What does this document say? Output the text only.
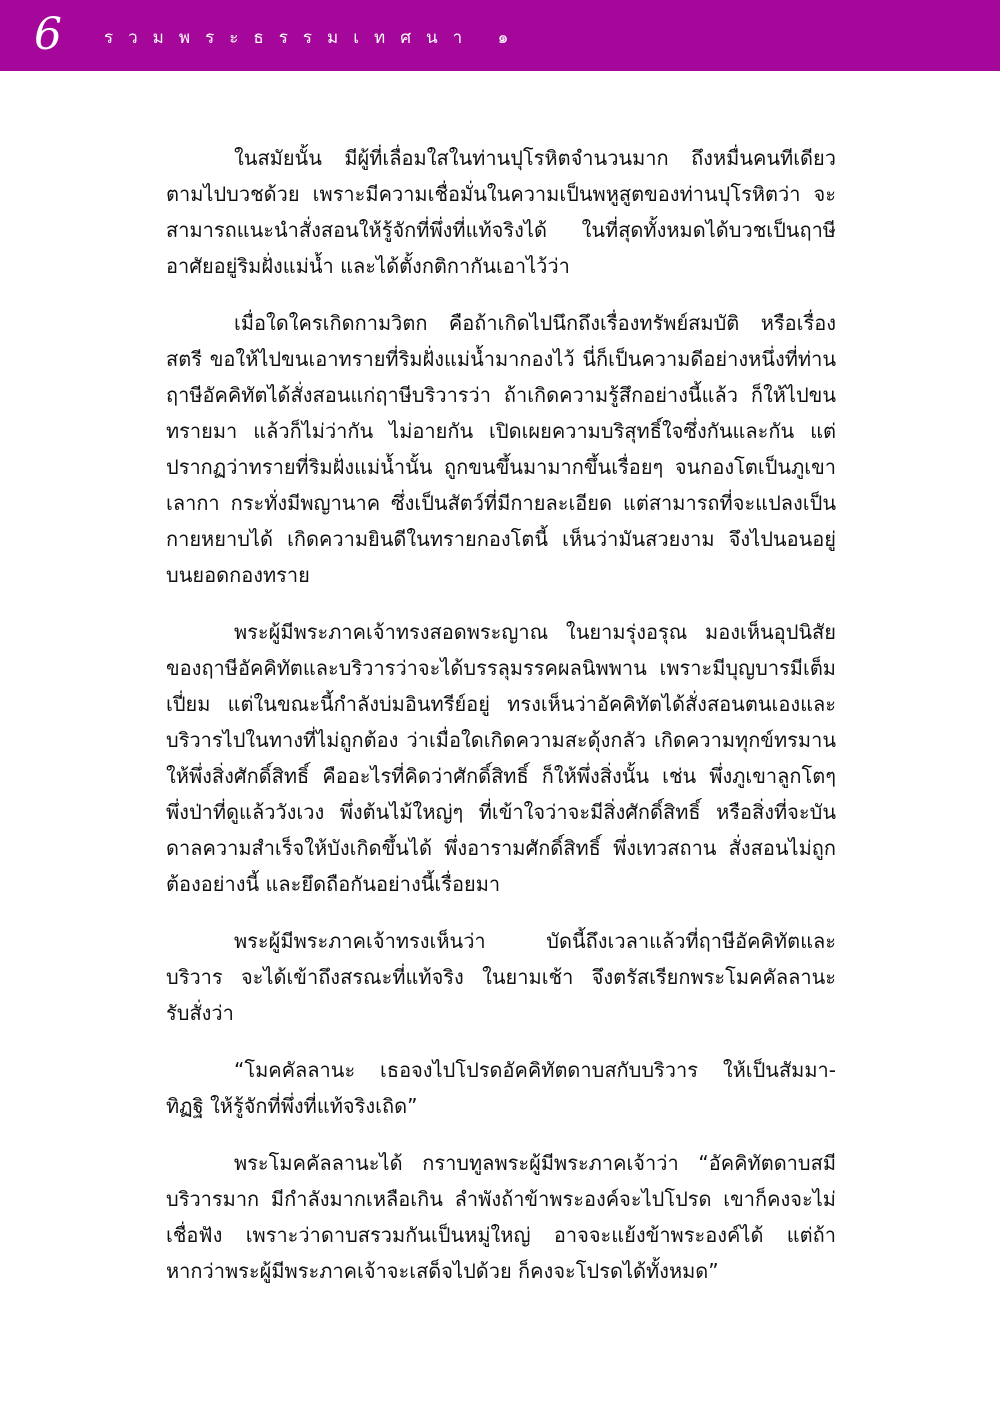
6 รวมพระธรรมเทศนา ๑

ในสมัยนั้น มีผู้ที่เลื่อมใสในท่านปุโรหิตจำนวนมาก ถึงหมื่นคนทีเดียว ตามไปบวชด้วย เพราะมีความเชื่อมั่นในความเป็นพหูสูตของท่านปุโรหิตว่า จะสามารถแนะนำสั่งสอนให้รู้จักที่พึ่งที่แท้จริงได้ ในที่สุดทั้งหมดได้บวชเป็นฤาษี อาศัยอยู่ริมฝั่งแม่น้ำ และได้ตั้งกติกากันเอาไว้ว่า

เมื่อใดใครเกิดกามวิตก คือถ้าเกิดไปนึกถึงเรื่องทรัพย์สมบัติ หรือเรื่องสตรี ขอให้ไปขนเอาทรายที่ริมฝั่งแม่น้ำมากองไว้ นี่ก็เป็นความดีอย่างหนึ่งที่ท่านฤาษีอัคคิทัตได้สั่งสอนแก่ฤาษีบริวารว่า ถ้าเกิดความรู้สึกอย่างนี้แล้ว ก็ให้ไปขนทรายมา แล้วก็ไม่ว่ากัน ไม่อายกัน เปิดเผยความบริสุทธิ์ใจซึ่งกันและกัน แต่ปรากฏว่าทรายที่ริมฝั่งแม่น้ำนั้น ถูกขนขึ้นมามากขึ้นเรื่อยๆ จนกองโตเป็นภูเขาเลากา กระทั่งมีพญานาค ซึ่งเป็นสัตว์ที่มีกายละเอียด แต่สามารถที่จะแปลงเป็นกายหยาบได้ เกิดความยินดีในทรายกองโตนี้ เห็นว่ามันสวยงาม จึงไปนอนอยู่บนยอดกองทราย

พระผู้มีพระภาคเจ้าทรงสอดพระญาณ ในยามรุ่งอรุณ มองเห็นอุปนิสัยของฤาษีอัคคิทัตและบริวารว่าจะได้บรรลุมรรคผลนิพพาน เพราะมีบุญบารมีเต็มเปี่ยม แต่ในขณะนี้กำลังบ่มอินทรีย์อยู่ ทรงเห็นว่าอัคคิทัตได้สั่งสอนตนเองและบริวารไปในทางที่ไม่ถูกต้อง ว่าเมื่อใดเกิดความสะดุ้งกลัว เกิดความทุกข์ทรมาน ให้พึ่งสิ่งศักดิ์สิทธิ์ คืออะไรที่คิดว่าศักดิ์สิทธิ์ ก็ให้พึ่งสิ่งนั้น เช่น พึ่งภูเขาลูกโตๆ พึ่งป่าที่ดูแล้ววังเวง พึ่งต้นไม้ใหญ่ๆ ที่เข้าใจว่าจะมีสิ่งศักดิ์สิทธิ์ หรือสิ่งที่จะบันดาลความสำเร็จให้บังเกิดขึ้นได้ พึ่งอารามศักดิ์สิทธิ์ พึ่งเทวสถาน สั่งสอนไม่ถูกต้องอย่างนี้ และยึดถือกันอย่างนี้เรื่อยมา

พระผู้มีพระภาคเจ้าทรงเห็นว่า บัดนี้ถึงเวลาแล้วที่ฤาษีอัคคิทัตและบริวาร จะได้เข้าถึงสรณะที่แท้จริง ในยามเช้า จึงตรัสเรียกพระโมคคัลลานะรับสั่งว่า

“โมคคัลลานะ เธอจงไปโปรดอัคคิทัตดาบสกับบริวาร ให้เป็นสัมมา-ทิฏฐิ ให้รู้จักที่พึ่งที่แท้จริงเถิด”

พระโมคคัลลานะได้ กราบทูลพระผู้มีพระภาคเจ้าว่า “อัคคิทัตดาบสมีบริวารมาก มีกำลังมากเหลือเกิน ลำพังถ้าข้าพระองค์จะไปโปรด เขาก็คงจะไม่เชื่อฟัง เพราะว่าดาบสรวมกันเป็นหมู่ใหญ่ อาจจะแย้งข้าพระองค์ได้ แต่ถ้าหากว่าพระผู้มีพระภาคเจ้าจะเสด็จไปด้วย ก็คงจะโปรดได้ทั้งหมด”
